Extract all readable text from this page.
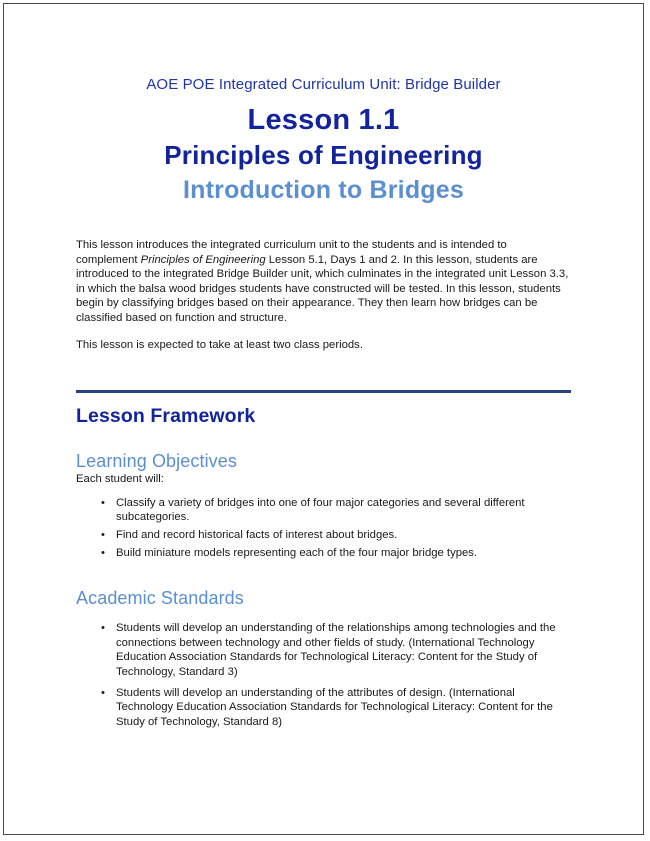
AOE POE Integrated Curriculum Unit: Bridge Builder
Lesson 1.1
Principles of Engineering
Introduction to Bridges

This lesson introduces the integrated curriculum unit to the students and is intended to complement Principles of Engineering Lesson 5.1, Days 1 and 2. In this lesson, students are introduced to the integrated Bridge Builder unit, which culminates in the integrated unit Lesson 3.3, in which the balsa wood bridges students have constructed will be tested. In this lesson, students begin by classifying bridges based on their appearance. They then learn how bridges can be classified based on function and structure.

This lesson is expected to take at least two class periods.

Lesson Framework
Learning Objectives

Each student will:

• Classify a variety of bridges into one of four major categories and several different subcategories.
• Find and record historical facts of interest about bridges.
• Build miniature models representing each of the four major bridge types.
Academic Standards
• Students will develop an understanding of the relationships among technologies and the connections between technology and other fields of study. (International Technology Education Association Standards for Technological Literacy: Content for the Study of Technology, Standard 3)
• Students will develop an understanding of the attributes of design. (International Technology Education Association Standards for Technological Literacy: Content for the Study of Technology, Standard 8)
